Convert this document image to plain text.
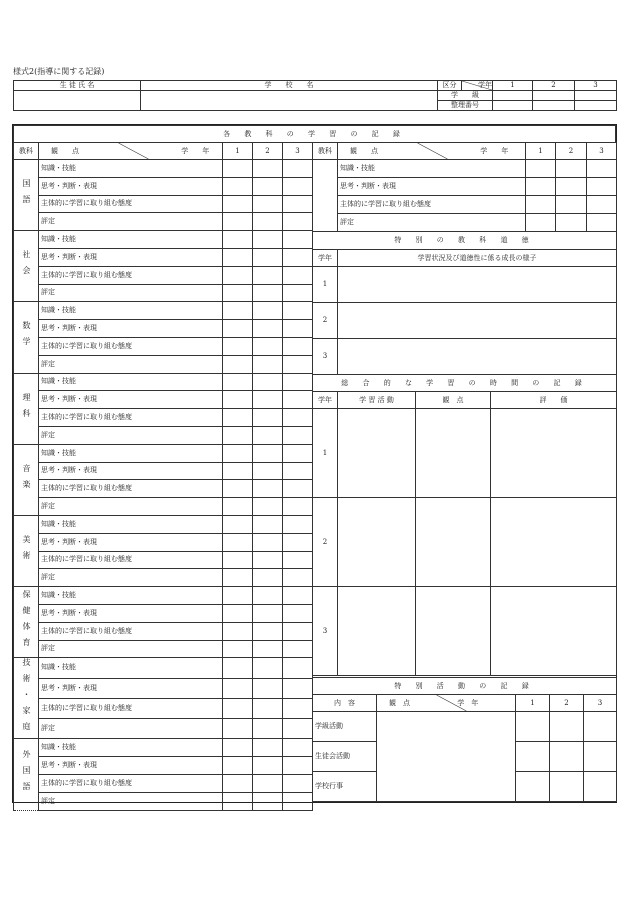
様式2(指導に関する記録)
生 徒 氏 名	学　　校　　名	区分	学年	1	2	3
		学　　級				
		整理番号				
各 教 科 の 学 習 の 記 録
教科	観　　点 学　　年	1	2	3
国語	知識・技能			
	思考・判断・表現			
	主体的に学習に取り組む態度			
	評定			
社会	知識・技能			
	思考・判断・表現			
	主体的に学習に取り組む態度			
	評定			
数学	知識・技能			
	思考・判断・表現			
	主体的に学習に取り組む態度			
	評定			
理科	知識・技能			
	思考・判断・表現			
	主体的に学習に取り組む態度			
	評定			
音楽	知識・技能			
	思考・判断・表現			
	主体的に学習に取り組む態度			
	評定			
美術	知識・技能			
	思考・判断・表現			
	主体的に学習に取り組む態度			
	評定			
保健体育	知識・技能			
	思考・判断・表現			
	主体的に学習に取り組む態度			
	評定			
技術・家庭	知識・技能			
	思考・判断・表現			
	主体的に学習に取り組む態度			
	評定			
外国語	知識・技能			
	思考・判断・表現			
	主体的に学習に取り組む態度			
	評定			
教科	観　　点 学　　年	1	2	3
	知識・技能			
	思考・判断・表現			
	主体的に学習に取り組む態度			
	評定			
特 別 の 教 科 道 徳	
学年	学習状況及び道徳性に係る成長の様子
1	
2	
3	
総 合 的 な 学 習 の 時 間 の 記 録			
学年	学 習 活 動	観　点	評　　価
1			
2			
3			
特 別 活 動 の 記 録				
内　容	観　点 学　年	1	2	3
学級活動				
生徒会活動				
学校行事				
